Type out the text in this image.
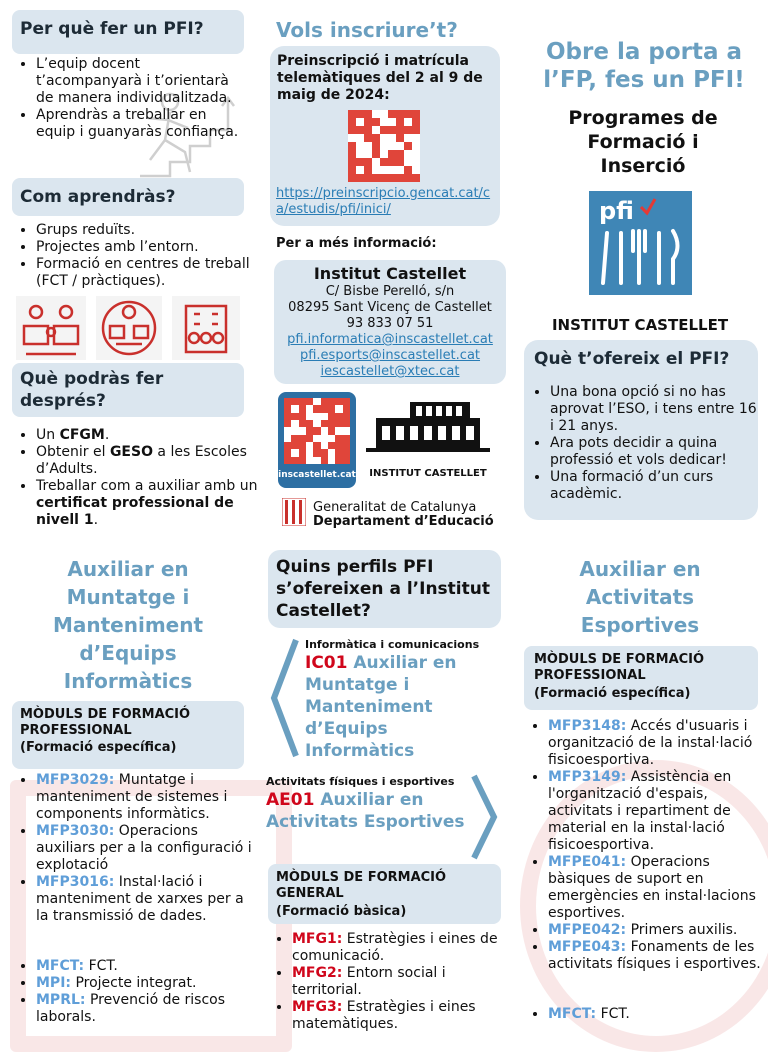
Per què fer un PFI?
• L’equip docent t’acompanyarà i t’orientarà de manera individualitzada.
• Aprendràs a treballar en equip i guanyaràs confiança.
Com aprendràs?
• Grups reduïts.
• Projectes amb l’entorn.
• Formació en centres de treball (FCT / pràctiques).
Què podràs fer després?
• Un CFGM.
• Obtenir el GESO a les Escoles d’Adults.
• Treballar com a auxiliar amb un certificat professional de nivell 1.
Vols inscriure’t?
Preinscripció i matrícula telemàtiques del 2 al 9 de maig de 2024:
https://preinscripcio.gencat.cat/ca/estudis/pfi/inici/
Per a més informació:
Institut Castellet
C/ Bisbe Perelló, s/n
08295 Sant Vicenç de Castellet
93 833 07 51
pfi.informatica@inscastellet.cat
pfi.esports@inscastellet.cat
iescastellet@xtec.cat
inscastellet.cat	INSTITUT CASTELLET
Generalitat de Catalunya
Departament d’Educació
Obre la porta a l’FP, fes un PFI!
Programes de Formació i Inserció
pfi
INSTITUT CASTELLET
Què t’ofereix el PFI?
• Una bona opció si no has aprovat l’ESO, i tens entre 16 i 21 anys.
• Ara pots decidir a quina professió et vols dedicar!
• Una formació d’un curs acadèmic.
Auxiliar en Muntatge i Manteniment d’Equips Informàtics
MÒDULS DE FORMACIÓ PROFESSIONAL
(Formació específica)
• MFP3029: Muntatge i manteniment de sistemes i components informàtics.
• MFP3030: Operacions auxiliars per a la configuració i explotació
• MFP3016: Instal·lació i manteniment de xarxes per a la transmissió de dades.
• MFCT: FCT.
• MPI: Projecte integrat.
• MPRL: Prevenció de riscos laborals.
Quins perfils PFI s’ofereixen a l’Institut Castellet?
Informàtica i comunicacions
IC01 Auxiliar en Muntatge i Manteniment d’Equips Informàtics
Activitats físiques i esportives
AE01 Auxiliar en Activitats Esportives
MÒDULS DE FORMACIÓ GENERAL
(Formació bàsica)
• MFG1: Estratègies i eines de comunicació.
• MFG2: Entorn social i territorial.
• MFG3: Estratègies i eines matemàtiques.
Auxiliar en Activitats Esportives
MÒDULS DE FORMACIÓ PROFESSIONAL
(Formació específica)
• MFP3148: Accés d'usuaris i organització de la instal·lació fisicoesportiva.
• MFP3149: Assistència en l'organització d'espais, activitats i repartiment de material en la instal·lació fisicoesportiva.
• MFPE041: Operacions bàsiques de suport en emergències en instal·lacions esportives.
• MFPE042: Primers auxilis.
• MFPE043: Fonaments de les activitats físiques i esportives.
• MFCT: FCT.
